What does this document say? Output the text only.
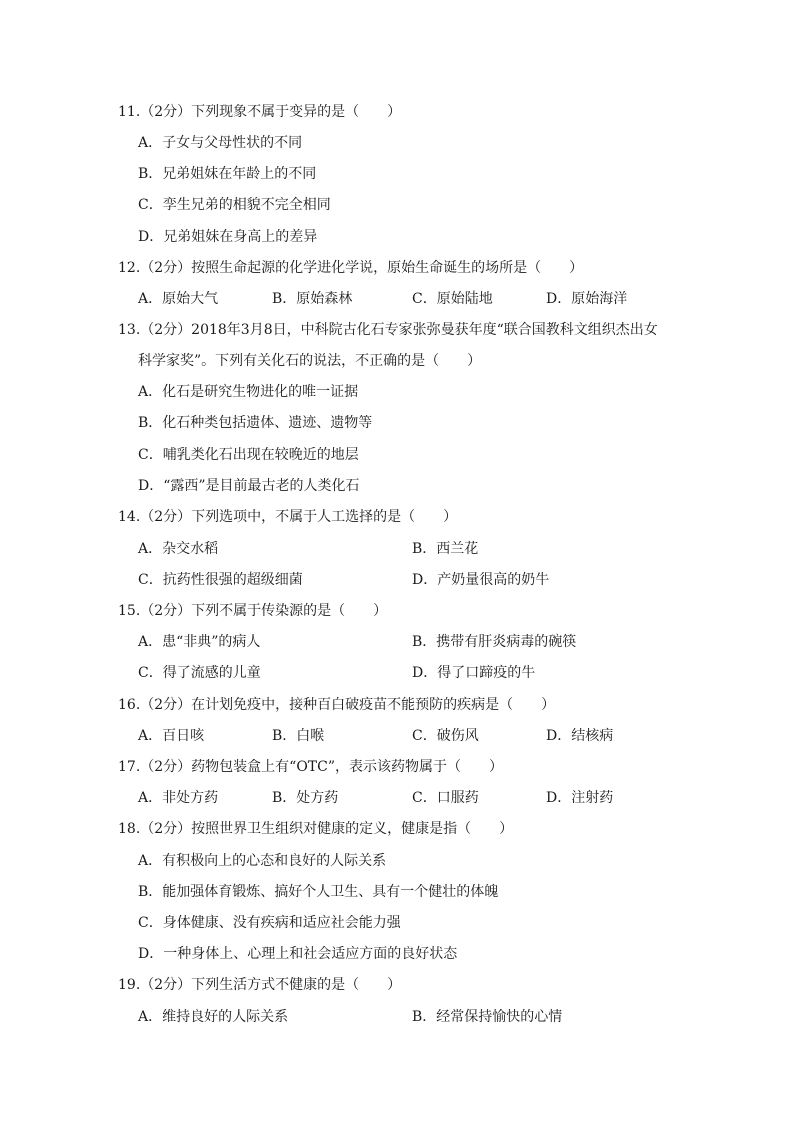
11.（2分）下列现象不属于变异的是（　　）
A．子女与父母性状的不同
B．兄弟姐妹在年龄上的不同
C．孪生兄弟的相貌不完全相同
D．兄弟姐妹在身高上的差异
12.（2分）按照生命起源的化学进化学说，原始生命诞生的场所是（　　）
A．原始大气	B．原始森林	C．原始陆地	D．原始海洋
13.（2分）2018年3月8日，中科院古化石专家张弥曼获年度“联合国教科文组织杰出女
科学家奖”。下列有关化石的说法，不正确的是（　　）
A．化石是研究生物进化的唯一证据
B．化石种类包括遗体、遗迹、遗物等
C．哺乳类化石出现在较晚近的地层
D．“露西”是目前最古老的人类化石
14.（2分）下列选项中，不属于人工选择的是（　　）
A．杂交水稻	B．西兰花
C．抗药性很强的超级细菌	D．产奶量很高的奶牛
15.（2分）下列不属于传染源的是（　　）
A．患“非典”的病人	B．携带有肝炎病毒的碗筷
C．得了流感的儿童	D．得了口蹄疫的牛
16.（2分）在计划免疫中，接种百白破疫苗不能预防的疾病是（　　）
A．百日咳	B．白喉	C．破伤风	D．结核病
17.（2分）药物包装盒上有“OTC”，表示该药物属于（　　）
A．非处方药	B．处方药	C．口服药	D．注射药
18.（2分）按照世界卫生组织对健康的定义，健康是指（　　）
A．有积极向上的心态和良好的人际关系
B．能加强体育锻炼、搞好个人卫生、具有一个健壮的体魄
C．身体健康、没有疾病和适应社会能力强
D．一种身体上、心理上和社会适应方面的良好状态
19.（2分）下列生活方式不健康的是（　　）
A．维持良好的人际关系	B．经常保持愉快的心情
